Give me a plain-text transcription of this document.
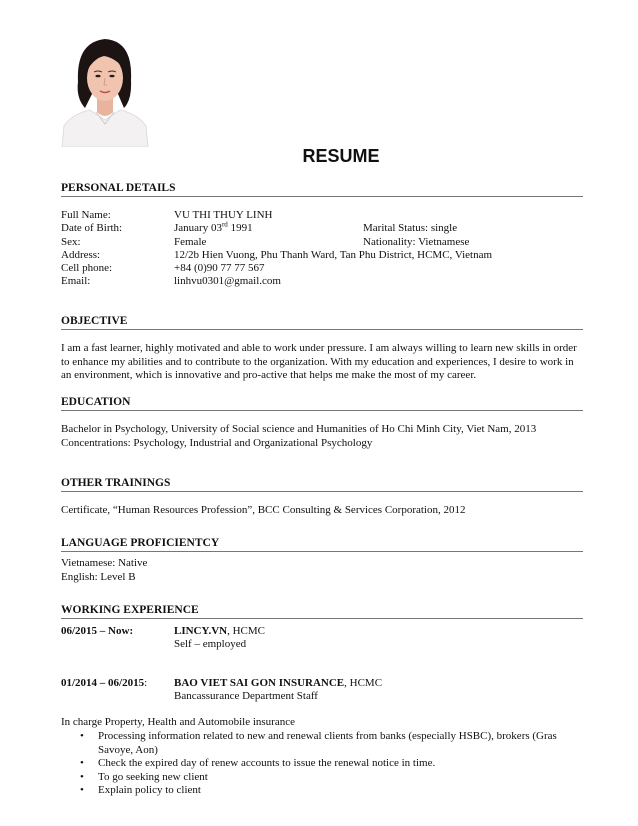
RESUME
PERSONAL DETAILS
Full Name:	VU THI THUY LINH
Date of Birth:	January 03rd 1991	Marital Status: single
Sex:	Female	Nationality: Vietnamese
Address:	12/2b Hien Vuong, Phu Thanh Ward, Tan Phu District, HCMC, Vietnam
Cell phone:	+84 (0)90 77 77 567
Email:	linhvu0301@gmail.com
OBJECTIVE
I am a fast learner, highly motivated and able to work under pressure. I am always willing to learn new skills in order to enhance my abilities and to contribute to the organization. With my education and experiences, I desire to work in an environment, which is innovative and pro-active that helps me make the most of my career.
EDUCATION
Bachelor in Psychology, University of Social science and Humanities of Ho Chi Minh City, Viet Nam, 2013
Concentrations: Psychology, Industrial and Organizational Psychology
OTHER TRAININGS
Certificate, “Human Resources Profession”, BCC Consulting & Services Corporation, 2012
LANGUAGE PROFICIENTCY
Vietnamese: Native
English: Level B
WORKING EXPERIENCE
06/2015 – Now:	LINCY.VN, HCMC
Self – employed
01/2014 – 06/2015: BAO VIET SAI GON INSURANCE, HCMC
Bancassurance Department Staff
In charge Property, Health and Automobile insurance
• Processing information related to new and renewal clients from banks (especially HSBC), brokers (Gras Savoye, Aon)
• Check the expired day of renew accounts to issue the renewal notice in time.
• To go seeking new client
• Explain policy to client
